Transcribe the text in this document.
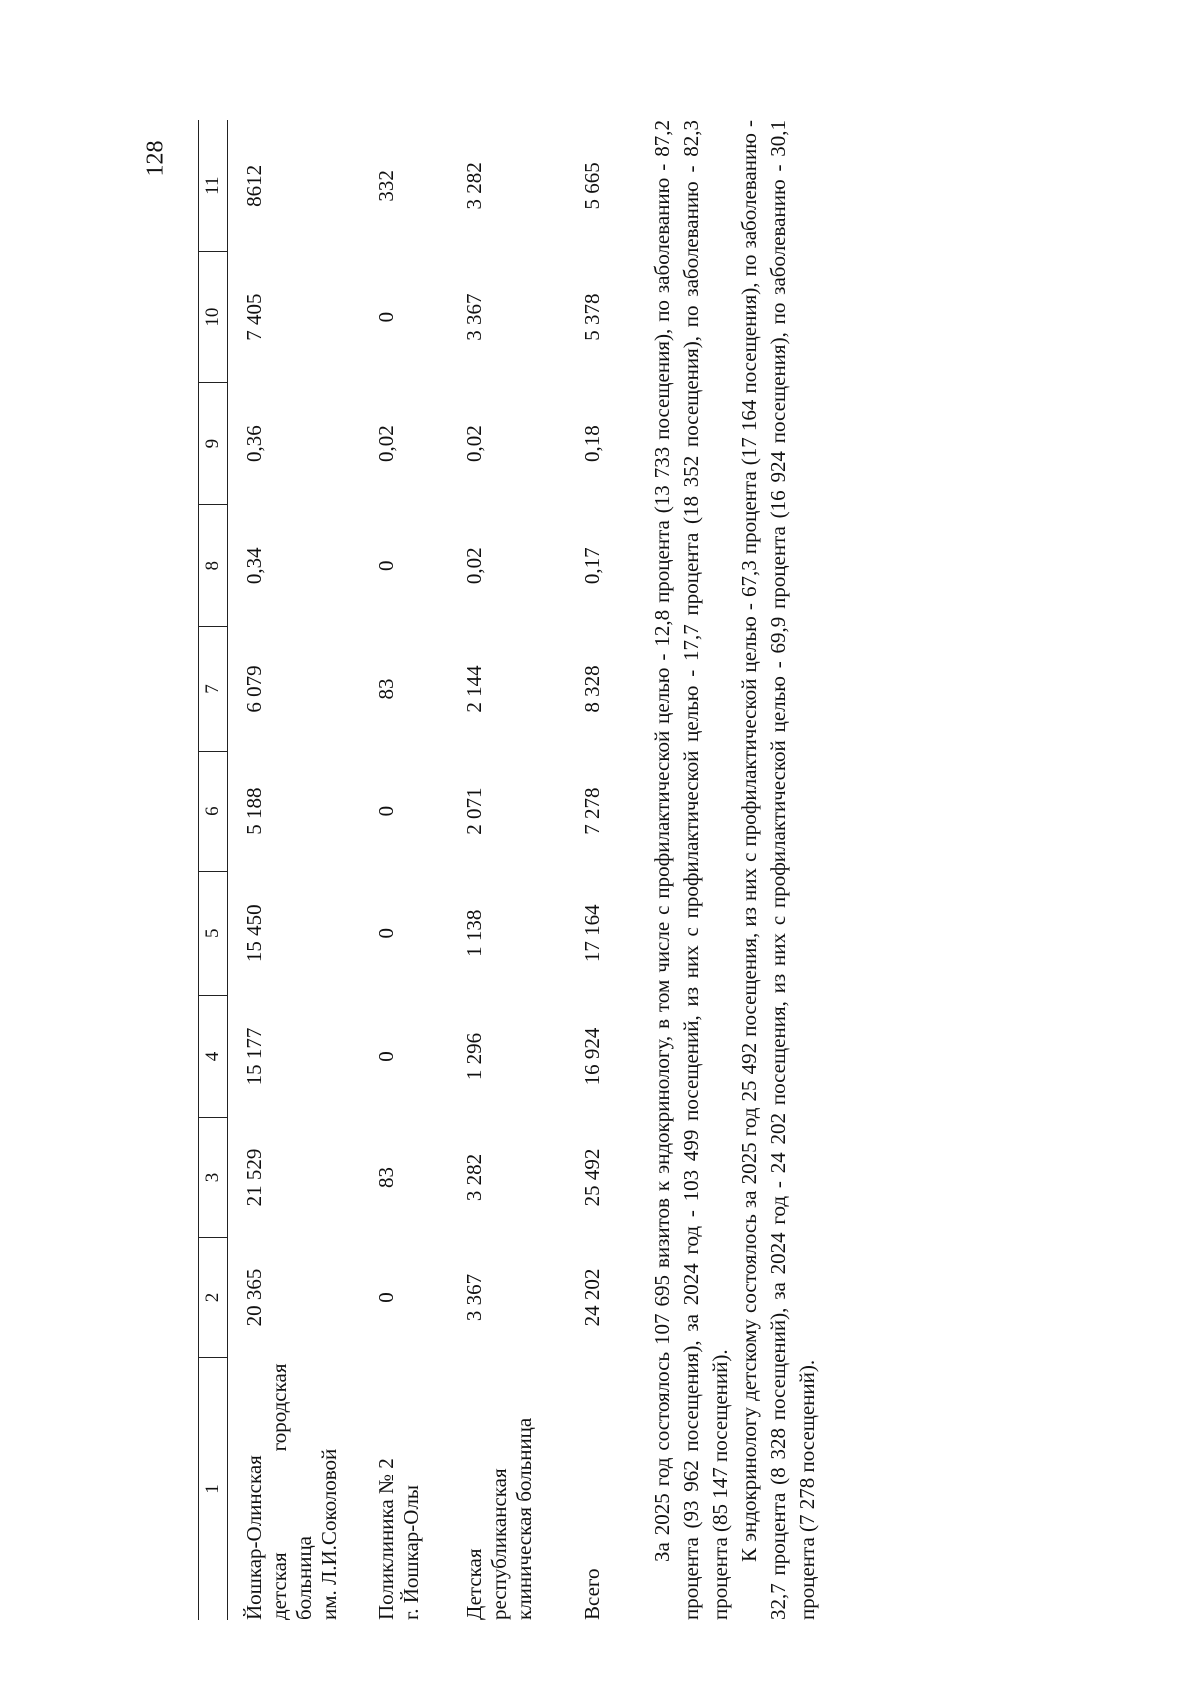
128
1	2	3	4	5	6	7	8	9	10	11

Йошкар-Олинская детская городская больница им. Л.И.Соколовой	20 365	21 529	15 177	15 450	5 188	6 079	0,34	0,36	7 405	8612

Поликлиника № 2 г. Йошкар-Олы	0	83	0	0	0	83	0	0,02	0	332

Детская республиканская клиническая больница	3 367	3 282	1 296	1 138	2 071	2 144	0,02	0,02	3 367	3 282

Всего	24 202	25 492	16 924	17 164	7 278	8 328	0,17	0,18	5 378	5 665 За 2025 год состоялось 107 695 визитов к эндокринологу, в том числе с профилактической целью - 12,8 процента (13 733 посещения), по заболеванию - 87,2 процента (93 962 посещения), за 2024 год - 103 499 посещений, из них с профилактической целью - 17,7 процента (18 352 посещения), по заболеванию - 82,3 процента (85 147 посещений). К эндокринологу детскому состоялось за 2025 год 25 492 посещения, из них с профилактической целью - 67,3 процента (17 164 посещения), по заболеванию - 32,7 процента (8 328 посещений), за 2024 год - 24 202 посещения, из них с профилактической целью - 69,9 процента (16 924 посещения), по заболеванию - 30,1 процента (7 278 посещений).
